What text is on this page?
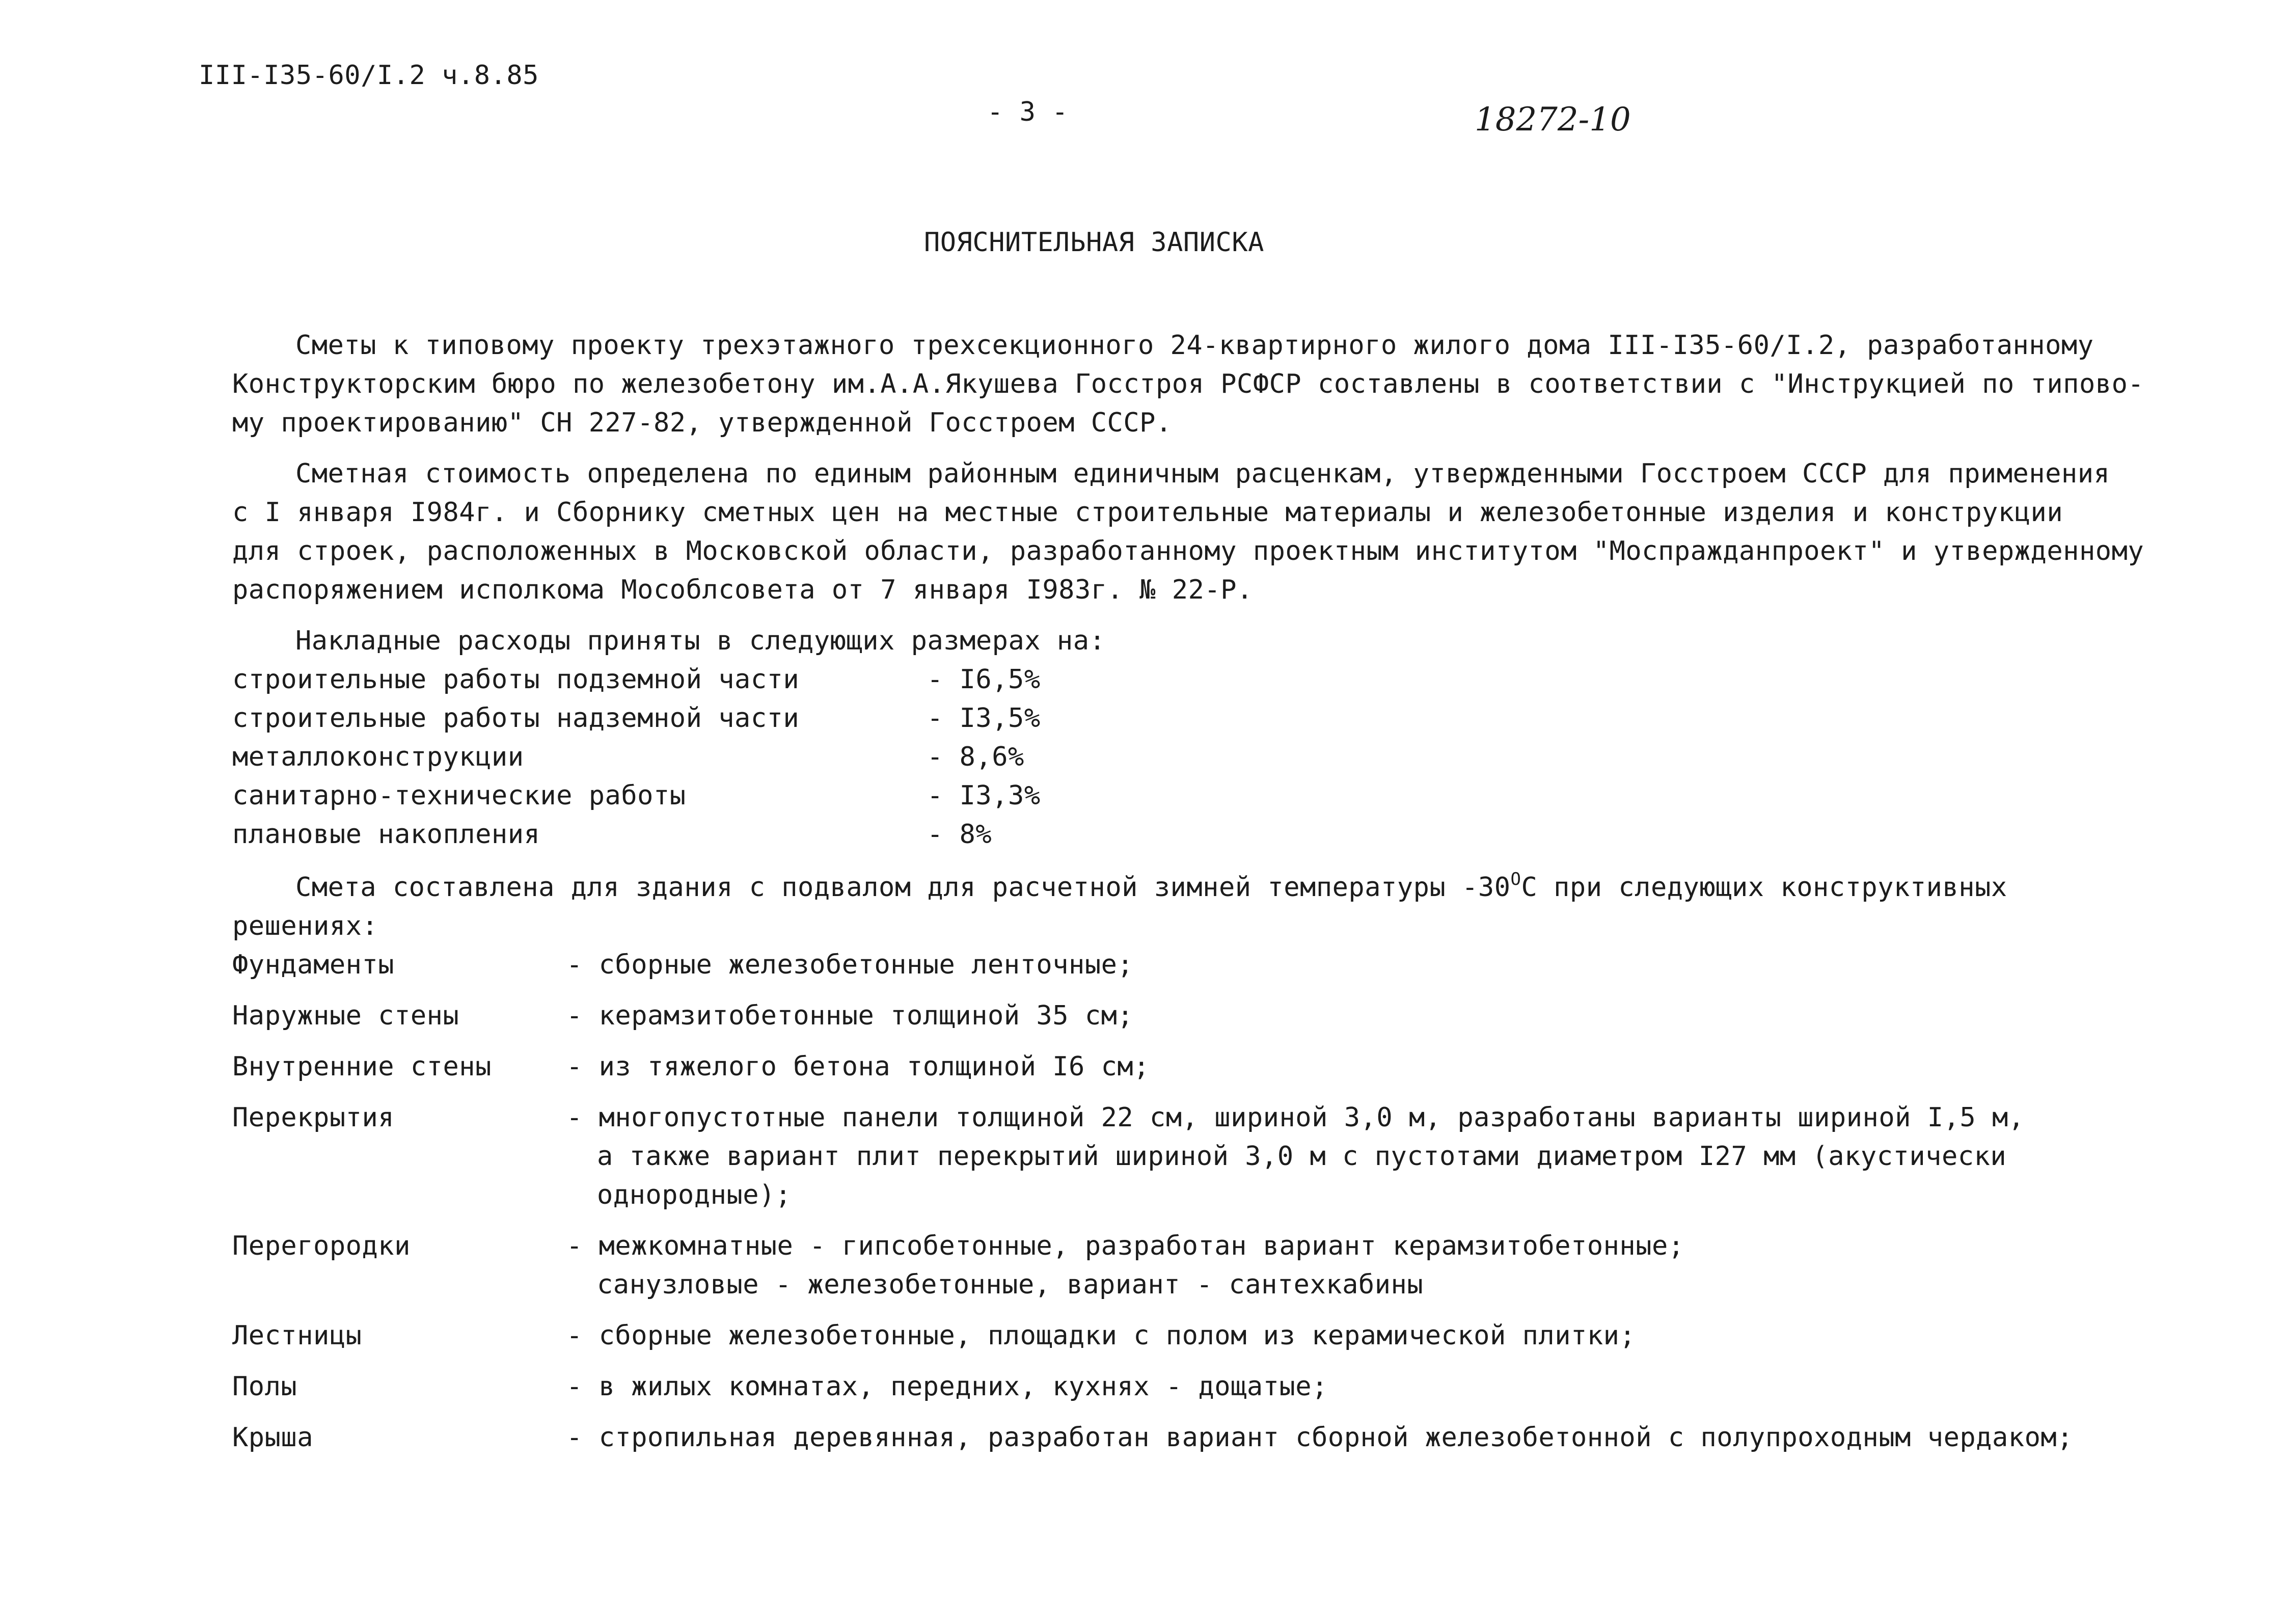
III-I35-60/I.2 ч.8.85
- 3 -	18272-10
ПОЯСНИТЕЛЬНАЯ ЗАПИСКА
Сметы к типовому проекту трехэтажного трехсекционного 24-квартирного жилого дома III-I35-60/I.2, разработанному
Конструкторским бюро по железобетону им.А.А.Якушева Госстроя РСФСР составлены в соответствии с "Инструкцией по типово-
му проектированию" СН 227-82, утвержденной Госстроем СССР.
Сметная стоимость определена по единым районным единичным расценкам, утвержденными Госстроем СССР для применения
с I января I984г. и Сборнику сметных цен на местные строительные материалы и железобетонные изделия и конструкции
для строек, расположенных в Московской области, разработанному проектным институтом "Моспражданпроект" и утвержденному
распоряжением исполкома Мособлсовета от 7 января I983г. № 22-Р.
Накладные расходы приняты в следующих размерах на:
строительные работы подземной части	- I6,5%
строительные работы надземной части	- I3,5%
металлоконструкции	- 8,6%
санитарно-технические работы	- I3,3%
плановые накопления	- 8%
Смета составлена для здания с подвалом для расчетной зимней температуры $-30^OC$ при следующих конструктивных
решениях:
Фундаменты	- сборные железобетонные ленточные;
Наружные стены	- керамзитобетонные толщиной 35 см;
Внутренние стены	- из тяжелого бетона толщиной I6 см;
Перекрытия	- многопустотные панели толщиной 22 см, шириной 3,0 м, разработаны варианты шириной I,5 м,
а также вариант плит перекрытий шириной 3,0 м с пустотами диаметром I27 мм (акустически
однородные);
Перегородки	- межкомнатные - гипсобетонные, разработан вариант керамзитобетонные;
санузловые - железобетонные, вариант - сантехкабины
Лестницы	- сборные железобетонные, площадки с полом из керамической плитки;
Полы	- в жилых комнатах, передних, кухнях - дощатые;
Крыша	- стропильная деревянная, разработан вариант сборной железобетонной с полупроходным чердаком;
